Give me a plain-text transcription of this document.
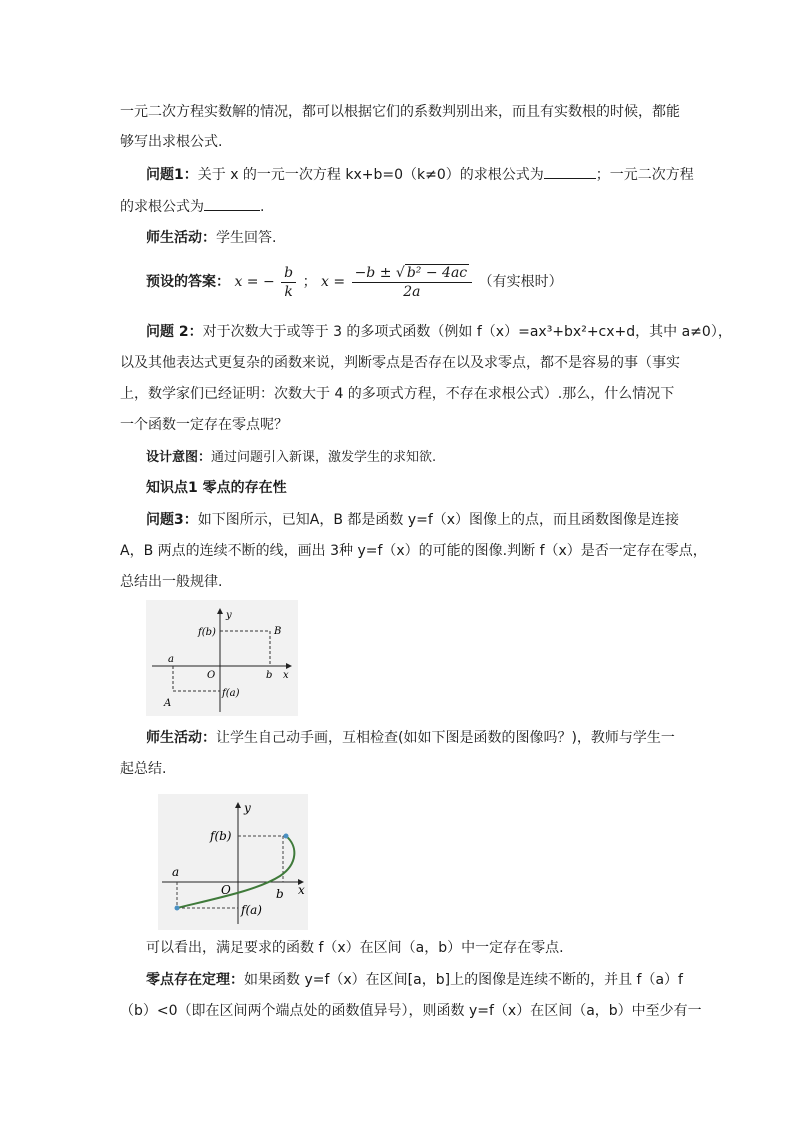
一元二次方程实数解的情况，都可以根据它们的系数判别出来，而且有实数根的时候，都能
够写出求根公式.
问题1：关于 x 的一元一次方程 kx+b=0（k≠0）的求根公式为	；一元二次方程
的求根公式为	.
师生活动：学生回答.
预设的答案： x = − $\frac{b}{k}$ ； $x = \frac{\text{−b ± √ b² − 4ac}}{2a}$ （有实根时）
问题 2：对于次数大于或等于 3 的多项式函数（例如 f（x）=ax³+bx²+cx+d，其中 a≠0），
以及其他表达式更复杂的函数来说，判断零点是否存在以及求零点，都不是容易的事（事实
上，数学家们已经证明：次数大于 4 的多项式方程，不存在求根公式）.那么，什么情况下
一个函数一定存在零点呢？
设计意图：通过问题引入新课，激发学生的求知欲.
知识点1 零点的存在性
问题3：如下图所示，已知A，B 都是函数 y=f（x）图像上的点，而且函数图像是连接
A，B 两点的连续不断的线，画出 3种 y=f（x）的可能的图像.判断 f（x）是否一定存在零点，
总结出一般规律.
y
x
f(b)	B
a
O	b
f(a)
A
师生活动：让学生自己动手画，互相检查(如如下图是函数的图像吗？)，教师与学生一
起总结.
y
x
f(b)
a
O	b
f(a)
可以看出，满足要求的函数 f（x）在区间（a，b）中一定存在零点.
零点存在定理：如果函数 y=f（x）在区间[a，b]上的图像是连续不断的，并且 f（a）f
（b）<0（即在区间两个端点处的函数值异号），则函数 y=f（x）在区间（a，b）中至少有一
